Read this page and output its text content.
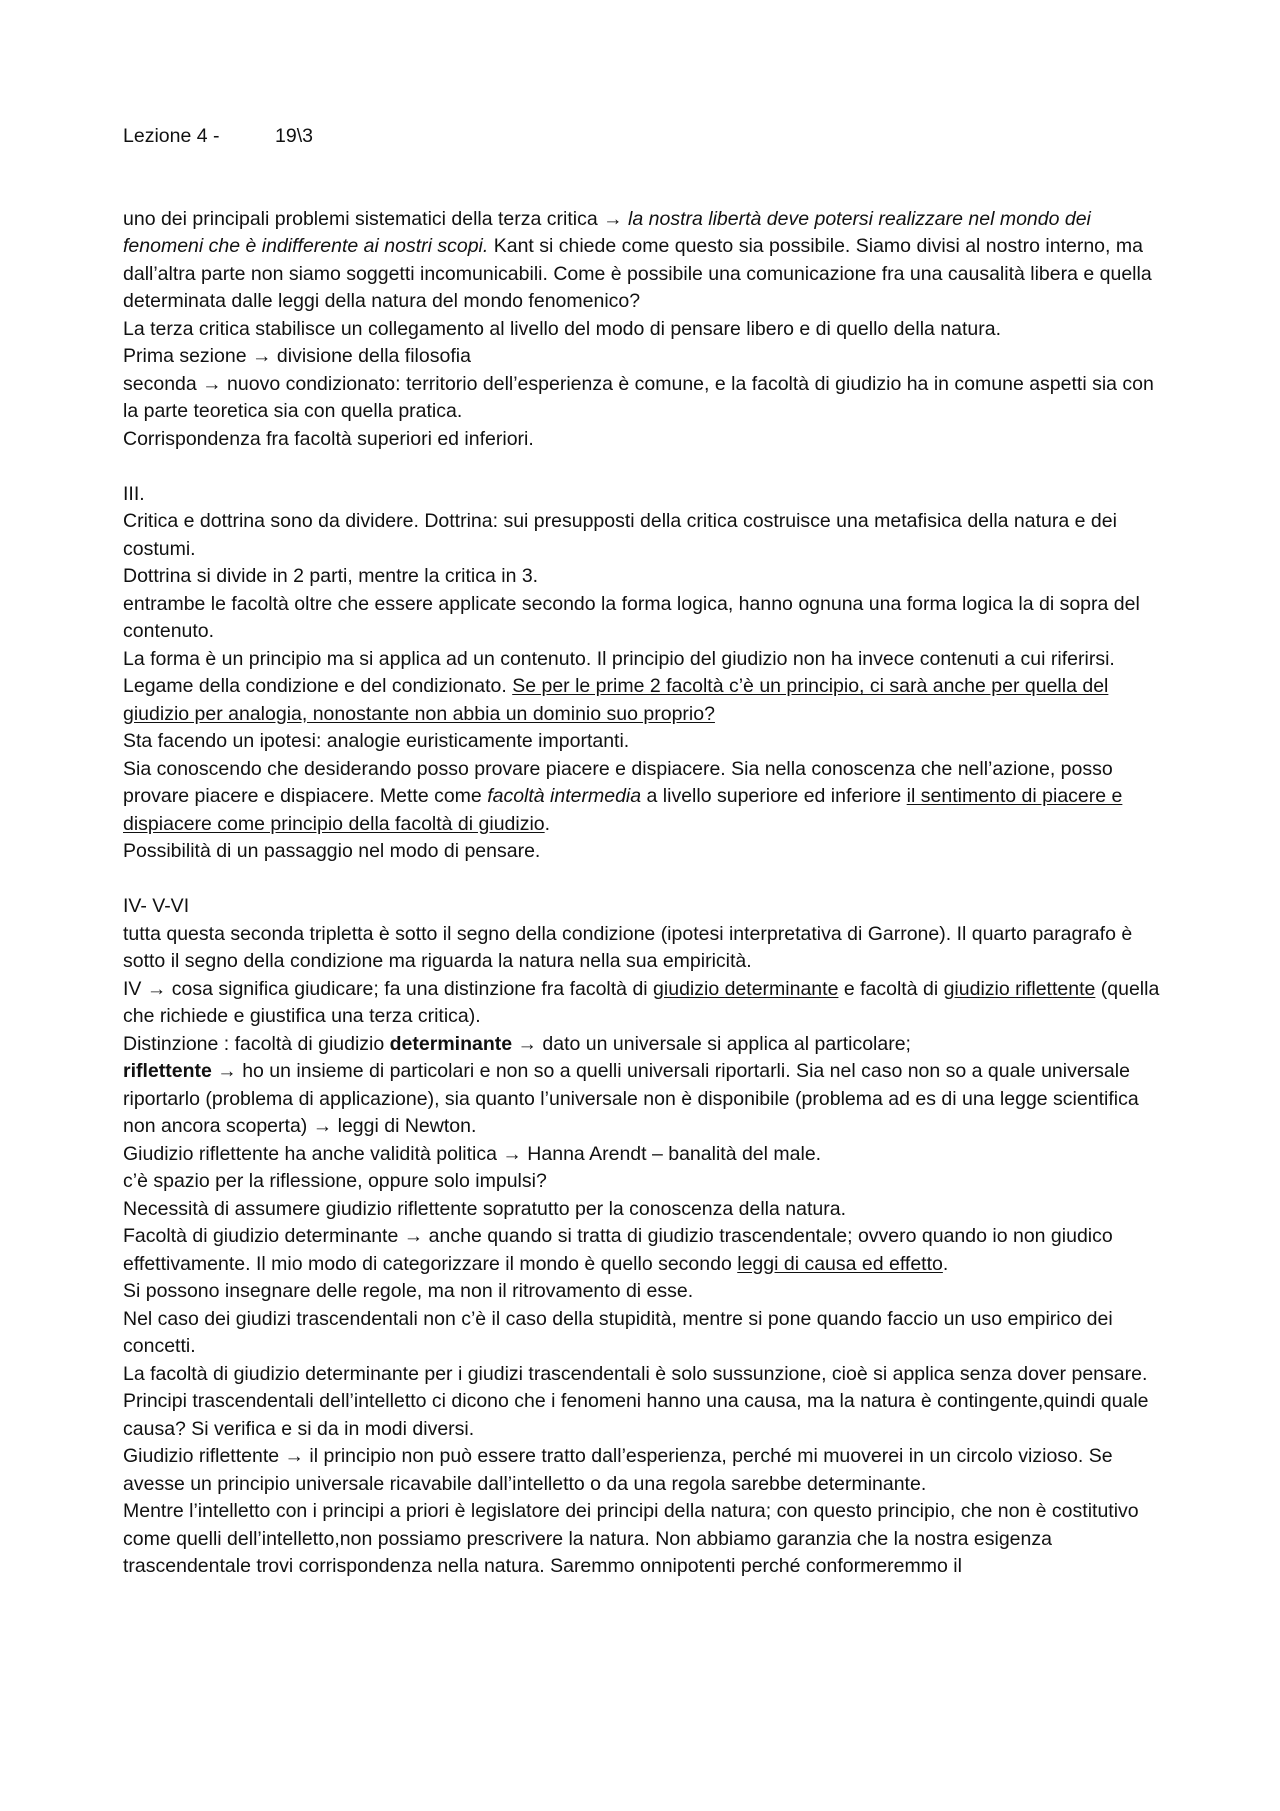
Lezione 4 -	19\3

uno dei principali problemi sistematici della terza critica → la nostra libertà deve potersi realizzare nel mondo dei fenomeni che è indifferente ai nostri scopi. Kant si chiede come questo sia possibile. Siamo divisi al nostro interno, ma dall’altra parte non siamo soggetti incomunicabili. Come è possibile una comunicazione fra una causalità libera e quella determinata dalle leggi della natura del mondo fenomenico?

La terza critica stabilisce un collegamento al livello del modo di pensare libero e di quello della natura.

Prima sezione → divisione della filosofia

seconda → nuovo condizionato: territorio dell’esperienza è comune, e la facoltà di giudizio ha in comune aspetti sia con la parte teoretica sia con quella pratica.

Corrispondenza fra facoltà superiori ed inferiori.

III.

Critica e dottrina sono da dividere. Dottrina: sui presupposti della critica costruisce una metafisica della natura e dei costumi.

Dottrina si divide in 2 parti, mentre la critica in 3.

entrambe le facoltà oltre che essere applicate secondo la forma logica, hanno ognuna una forma logica la di sopra del contenuto.

La forma è un principio ma si applica ad un contenuto. Il principio del giudizio non ha invece contenuti a cui riferirsi.

Legame della condizione e del condizionato. Se per le prime 2 facoltà c’è un principio, ci sarà anche per quella del giudizio per analogia, nonostante non abbia un dominio suo proprio?

Sta facendo un ipotesi: analogie euristicamente importanti.

Sia conoscendo che desiderando posso provare piacere e dispiacere. Sia nella conoscenza che nell’azione, posso provare piacere e dispiacere. Mette come facoltà intermedia a livello superiore ed inferiore il sentimento di piacere e dispiacere come principio della facoltà di giudizio.

Possibilità di un passaggio nel modo di pensare.

IV- V-VI

tutta questa seconda tripletta è sotto il segno della condizione (ipotesi interpretativa di Garrone). Il quarto paragrafo è sotto il segno della condizione ma riguarda la natura nella sua empiricità.

IV → cosa significa giudicare; fa una distinzione fra facoltà di giudizio determinante e facoltà di giudizio riflettente (quella che richiede e giustifica una terza critica).

Distinzione : facoltà di giudizio determinante → dato un universale si applica al particolare;

riflettente → ho un insieme di particolari e non so a quelli universali riportarli. Sia nel caso non so a quale universale riportarlo (problema di applicazione), sia quanto l’universale non è disponibile (problema ad es di una legge scientifica non ancora scoperta) → leggi di Newton.

Giudizio riflettente ha anche validità politica → Hanna Arendt – banalità del male.

c’è spazio per la riflessione, oppure solo impulsi?

Necessità di assumere giudizio riflettente sopratutto per la conoscenza della natura.

Facoltà di giudizio determinante → anche quando si tratta di giudizio trascendentale; ovvero quando io non giudico effettivamente. Il mio modo di categorizzare il mondo è quello secondo leggi di causa ed effetto.

Si possono insegnare delle regole, ma non il ritrovamento di esse.

Nel caso dei giudizi trascendentali non c’è il caso della stupidità, mentre si pone quando faccio un uso empirico dei concetti.

La facoltà di giudizio determinante per i giudizi trascendentali è solo sussunzione, cioè si applica senza dover pensare.

Principi trascendentali dell’intelletto ci dicono che i fenomeni hanno una causa, ma la natura è contingente,quindi quale causa? Si verifica e si da in modi diversi.

Giudizio riflettente → il principio non può essere tratto dall’esperienza, perché mi muoverei in un circolo vizioso. Se avesse un principio universale ricavabile dall’intelletto o da una regola sarebbe determinante.

Mentre l’intelletto con i principi a priori è legislatore dei principi della natura; con questo principio, che non è costitutivo come quelli dell’intelletto,non possiamo prescrivere la natura. Non abbiamo garanzia che la nostra esigenza trascendentale trovi corrispondenza nella natura. Saremmo onnipotenti perché conformeremmo il
